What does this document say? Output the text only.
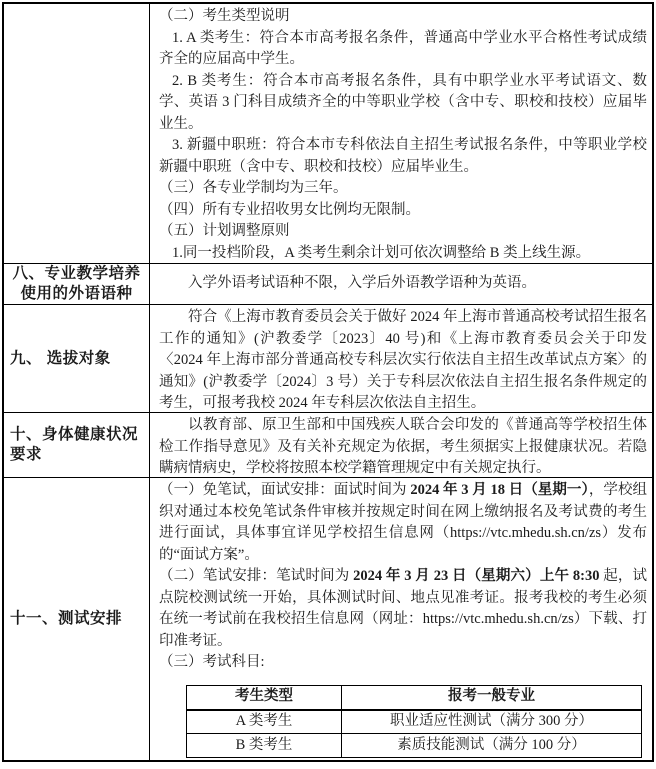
（二）考生类型说明

1. A 类考生：符合本市高考报名条件，普通高中学业水平合格性考试成绩齐全的应届高中学生。

2. B 类考生：符合本市高考报名条件，具有中职学业水平考试语文、数学、英语 3 门科目成绩齐全的中等职业学校（含中专、职校和技校）应届毕业生。

3. 新疆中职班：符合本市专科依法自主招生考试报名条件，中等职业学校新疆中职班（含中专、职校和技校）应届毕业生。

（三）各专业学制均为三年。

（四）所有专业招收男女比例均无限制。

（五）计划调整原则

1.同一投档阶段，A 类考生剩余计划可依次调整给 B 类上线生源。

八、专业教学培养使用的外语语种

入学外语考试语种不限，入学后外语教学语种为英语。

九、 选拔对象

符合《上海市教育委员会关于做好 2024 年上海市普通高校考试招生报名工作的通知》(沪教委学〔2023〕40 号)和《上海市教育委员会关于印发〈2024 年上海市部分普通高校专科层次实行依法自主招生改革试点方案〉的通知》(沪教委学〔2024〕3 号）关于专科层次依法自主招生报名条件规定的考生，可报考我校 2024 年专科层次依法自主招生。

十、身体健康状况要求

以教育部、原卫生部和中国残疾人联合会印发的《普通高等学校招生体检工作指导意见》及有关补充规定为依据，考生须据实上报健康状况。若隐瞒病情病史，学校将按照本校学籍管理规定中有关规定执行。

十一、测试安排

（一）免笔试，面试安排：面试时间为 2024 年 3 月 18 日（星期一），学校组织对通过本校免笔试条件审核并按规定时间在网上缴纳报名及考试费的考生进行面试，具体事宜详见学校招生信息网（https://vtc.mhedu.sh.cn/zs）发布的“面试方案”。

（二）笔试安排：笔试时间为 2024 年 3 月 23 日（星期六）上午 8:30 起，试点院校测试统一开始，具体测试时间、地点见准考证。报考我校的考生必须在统一考试前在我校招生信息网（网址：https://vtc.mhedu.sh.cn/zs）下载、打印准考证。

（三）考试科目:

考生类型	报考一般专业
A 类考生	职业适应性测试（满分 300 分）
B 类考生	素质技能测试（满分 100 分）
